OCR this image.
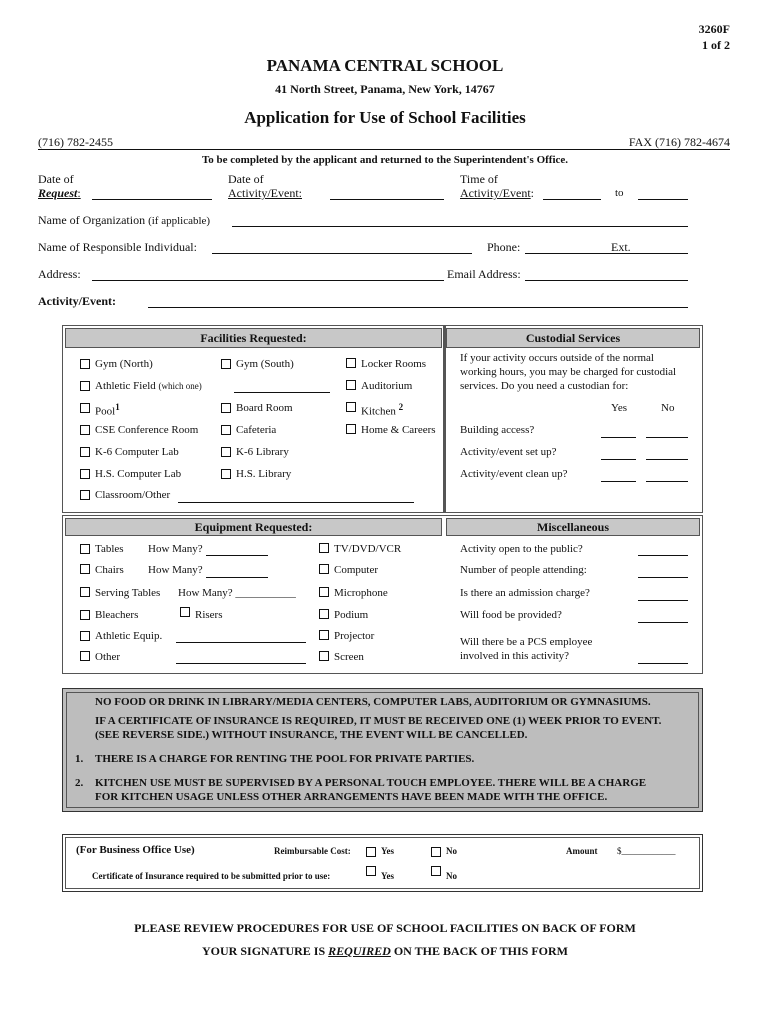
3260F
1 of 2
PANAMA CENTRAL SCHOOL
41 North Street, Panama, New York, 14767
Application for Use of School Facilities
(716) 782-2455	FAX (716) 782-4674
To be completed by the applicant and returned to the Superintendent's Office.
Date of
Request:
Date of
Activity/Event:
Time of
Activity/Event:	to
Name of Organization (if applicable)
Name of Responsible Individual:	Phone:	Ext.
Address:	Email Address:
Activity/Event:
Facilities Requested:	Custodial Services
Gym (North)
Athletic Field (which one)
Pool$^1$
CSE Conference Room
K-6 Computer Lab
H.S. Computer Lab
Classroom/Other
Gym (South)
Board Room
Cafeteria
K-6 Library
H.S. Library
Locker Rooms
Auditorium
Kitchen $^2$
Home & Careers
If your activity occurs outside of the normal
working hours, you may be charged for custodial
services. Do you need a custodian for:
Yes	No
Building access?
Activity/event set up?
Activity/event clean up?
Equipment Requested:	Miscellaneous
Tables How Many?
Chairs How Many?
Serving Tables How Many? ___________
Bleachers	Risers
Athletic Equip.
Other
TV/DVD/VCR
Computer
Microphone
Podium
Projector
Screen
Activity open to the public?
Number of people attending:
Is there an admission charge?
Will food be provided?
Will there be a PCS employee
involved in this activity?
NO FOOD OR DRINK IN LIBRARY/MEDIA CENTERS, COMPUTER LABS, AUDITORIUM OR GYMNASIUMS.
IF A CERTIFICATE OF INSURANCE IS REQUIRED, IT MUST BE RECEIVED ONE (1) WEEK PRIOR TO EVENT.
(SEE REVERSE SIDE.) WITHOUT INSURANCE, THE EVENT WILL BE CANCELLED.
1. THERE IS A CHARGE FOR RENTING THE POOL FOR PRIVATE PARTIES.
2. KITCHEN USE MUST BE SUPERVISED BY A PERSONAL TOUCH EMPLOYEE. THERE WILL BE A CHARGE
FOR KITCHEN USAGE UNLESS OTHER ARRANGEMENTS HAVE BEEN MADE WITH THE OFFICE.
(For Business Office Use)	Reimbursable Cost:	Yes	No	Amount $____________
Certificate of Insurance required to be submitted prior to use:	Yes	No
PLEASE REVIEW PROCEDURES FOR USE OF SCHOOL FACILITIES ON BACK OF FORM
YOUR SIGNATURE IS REQUIRED ON THE BACK OF THIS FORM
